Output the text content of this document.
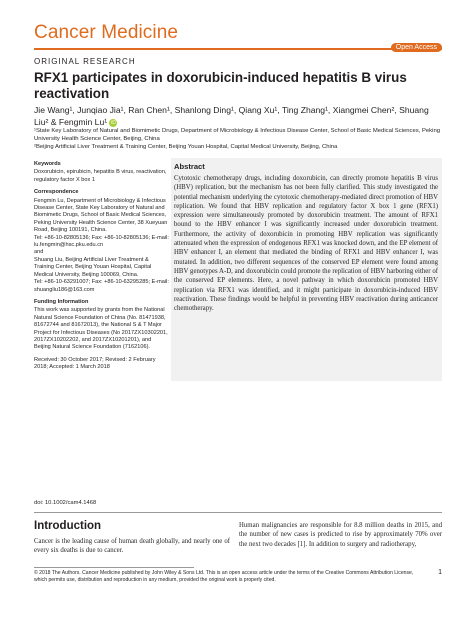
Cancer Medicine
Open Access
ORIGINAL RESEARCH
RFX1 participates in doxorubicin-induced hepatitis B virus reactivation
Jie Wang¹, Junqiao Jia¹, Ran Chen¹, Shanlong Ding¹, Qiang Xu¹, Ting Zhang¹, Xiangmei Chen², Shuang Liu² & Fengmin Lu¹ iD
¹State Key Laboratory of Natural and Biomimetic Drugs, Department of Microbiology & Infectious Disease Center, School of Basic Medical Sciences, Peking University Health Science Center, Beijing, China
²Beijing Artificial Liver Treatment & Training Center, Beijing Youan Hospital, Capital Medical University, Beijing, China
Keywords
Doxorubicin, epirubicin, hepatitis B virus, reactivation, regulatory factor X box 1
Correspondence
Fengmin Lu, Department of Microbiology & Infectious Disease Center, State Key Laboratory of Natural and Biomimetic Drugs, School of Basic Medical Sciences, Peking University Health Science Center, 38 Xueyuan Road, Beijing 100191, China.
Tel: +86-10-82805136; Fax: +86-10-82805136; E-mail: lu.fengmin@hsc.pku.edu.cn
and
Shuang Liu, Beijing Artificial Liver Treatment & Training Center, Beijing Youan Hospital, Capital Medical University, Beijing 100069, China.
Tel: +86-10-63291007; Fax: +86-10-63295285; E-mail: shuangliu186@163.com
Funding Information
This work was supported by grants from the National Natural Science Foundation of China (No. 81471938, 81672744 and 81672013), the National S & T Major Project for Infectious Diseases (No 2017ZX10302201, 2017ZX10202202, and 2017ZX10201201), and Beijing Natural Science Foundation (7162106).
Received: 30 October 2017; Revised: 2 February 2018; Accepted: 1 March 2018
Abstract
Cytotoxic chemotherapy drugs, including doxorubicin, can directly promote hepatitis B virus (HBV) replication, but the mechanism has not been fully clarified. This study investigated the potential mechanism underlying the cytotoxic chemotherapy-mediated direct promotion of HBV replication. We found that HBV replication and regulatory factor X box 1 gene (RFX1) expression were simultaneously promoted by doxorubicin treatment. The amount of RFX1 bound to the HBV enhancer I was significantly increased under doxorubicin treatment. Furthermore, the activity of doxorubicin in promoting HBV replication was significantly attenuated when the expression of endogenous RFX1 was knocked down, and the EP element of HBV enhancer I, an element that mediated the binding of RFX1 and HBV enhancer I, was mutated. In addition, two different sequences of the conserved EP element were found among HBV genotypes A-D, and doxorubicin could promote the replication of HBV harboring either of the conserved EP elements. Here, a novel pathway in which doxorubicin promoted HBV replication via RFX1 was identified, and it might participate in doxorubicin-induced HBV reactivation. These findings would be helpful in preventing HBV reactivation during anticancer chemotherapy.
doi: 10.1002/cam4.1468
Introduction
Cancer is the leading cause of human death globally, and nearly one of every six deaths is due to cancer.
Human malignancies are responsible for 8.8 million deaths in 2015, and the number of new cases is predicted to rise by approximately 70% over the next two decades [1]. In addition to surgery and radiotherapy,
© 2018 The Authors. Cancer Medicine published by John Wiley & Sons Ltd. This is an open access article under the terms of the Creative Commons Attribution License, which permits use, distribution and reproduction in any medium, provided the original work is properly cited.
1
